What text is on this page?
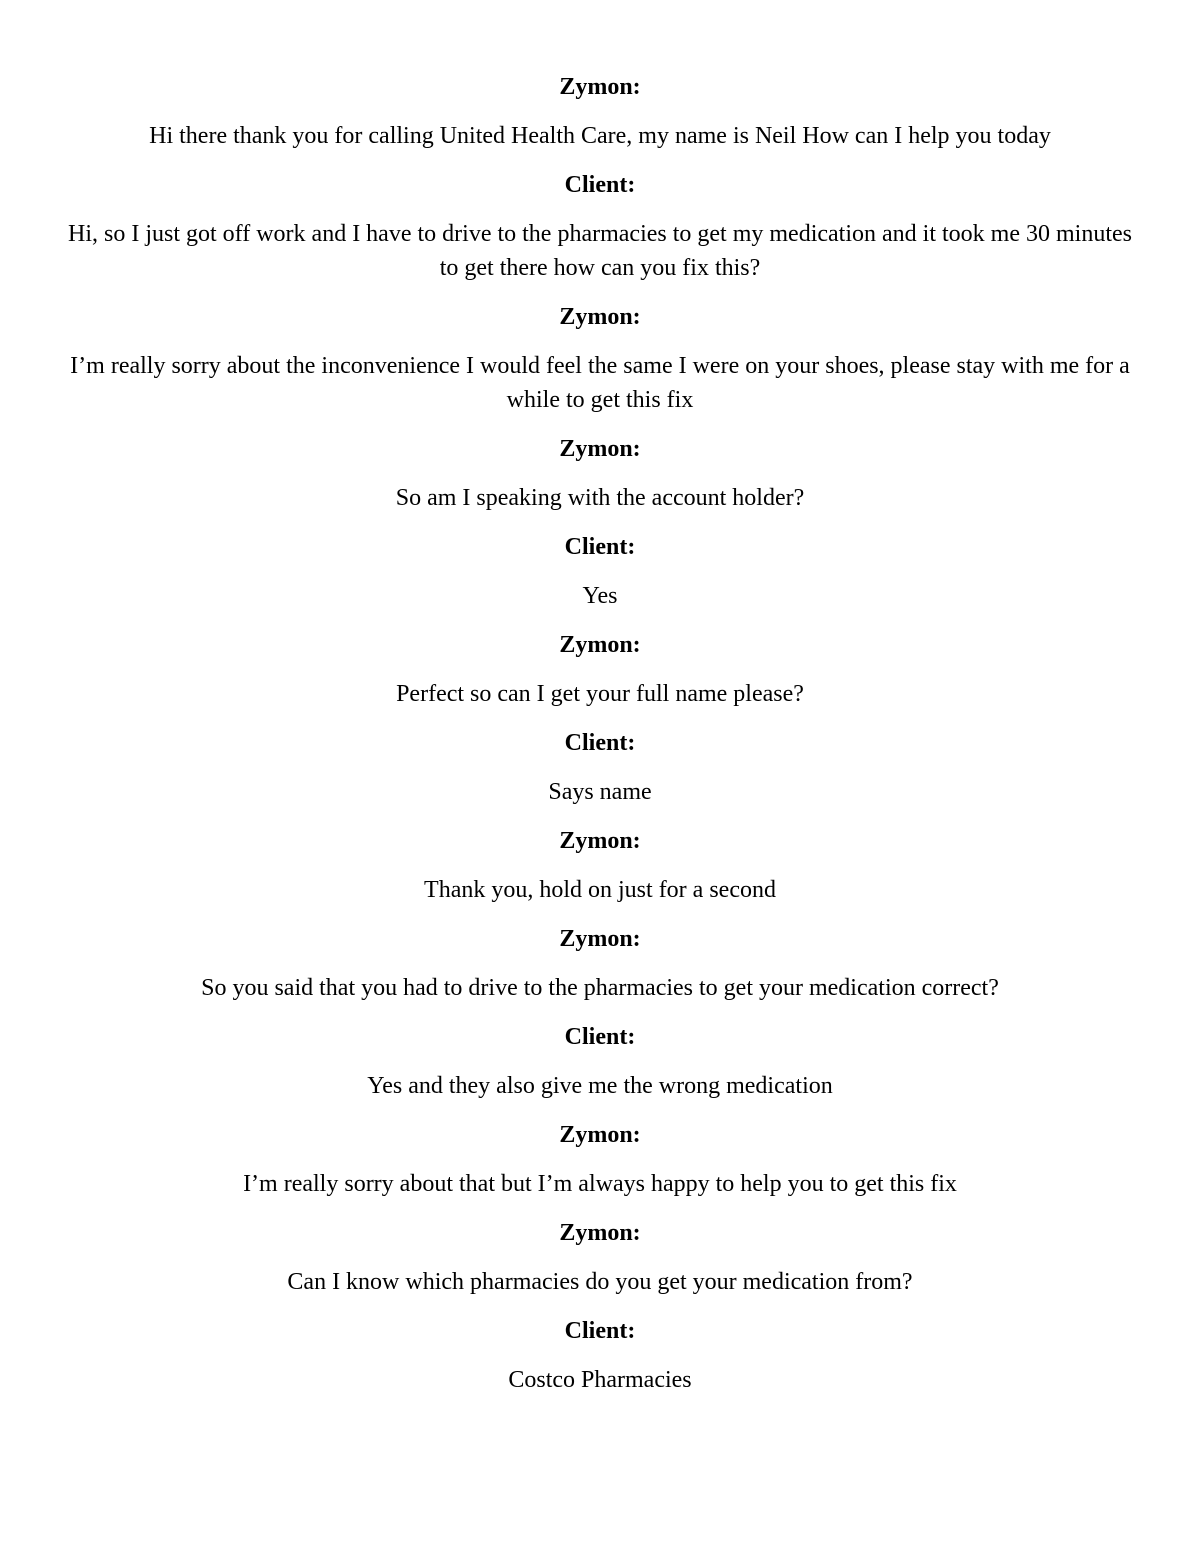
Zymon:

Hi there thank you for calling United Health Care, my name is Neil How can I help you today

Client:

Hi, so I just got off work and I have to drive to the pharmacies to get my medication and it took me 30 minutes to get there how can you fix this?

Zymon:

I’m really sorry about the inconvenience I would feel the same I were on your shoes, please stay with me for a while to get this fix

Zymon:

So am I speaking with the account holder?

Client:

Yes

Zymon:

Perfect so can I get your full name please?

Client:

Says name

Zymon:

Thank you, hold on just for a second

Zymon:

So you said that you had to drive to the pharmacies to get your medication correct?

Client:

Yes and they also give me the wrong medication

Zymon:

I’m really sorry about that but I’m always happy to help you to get this fix

Zymon:

Can I know which pharmacies do you get your medication from?

Client:

Costco Pharmacies
